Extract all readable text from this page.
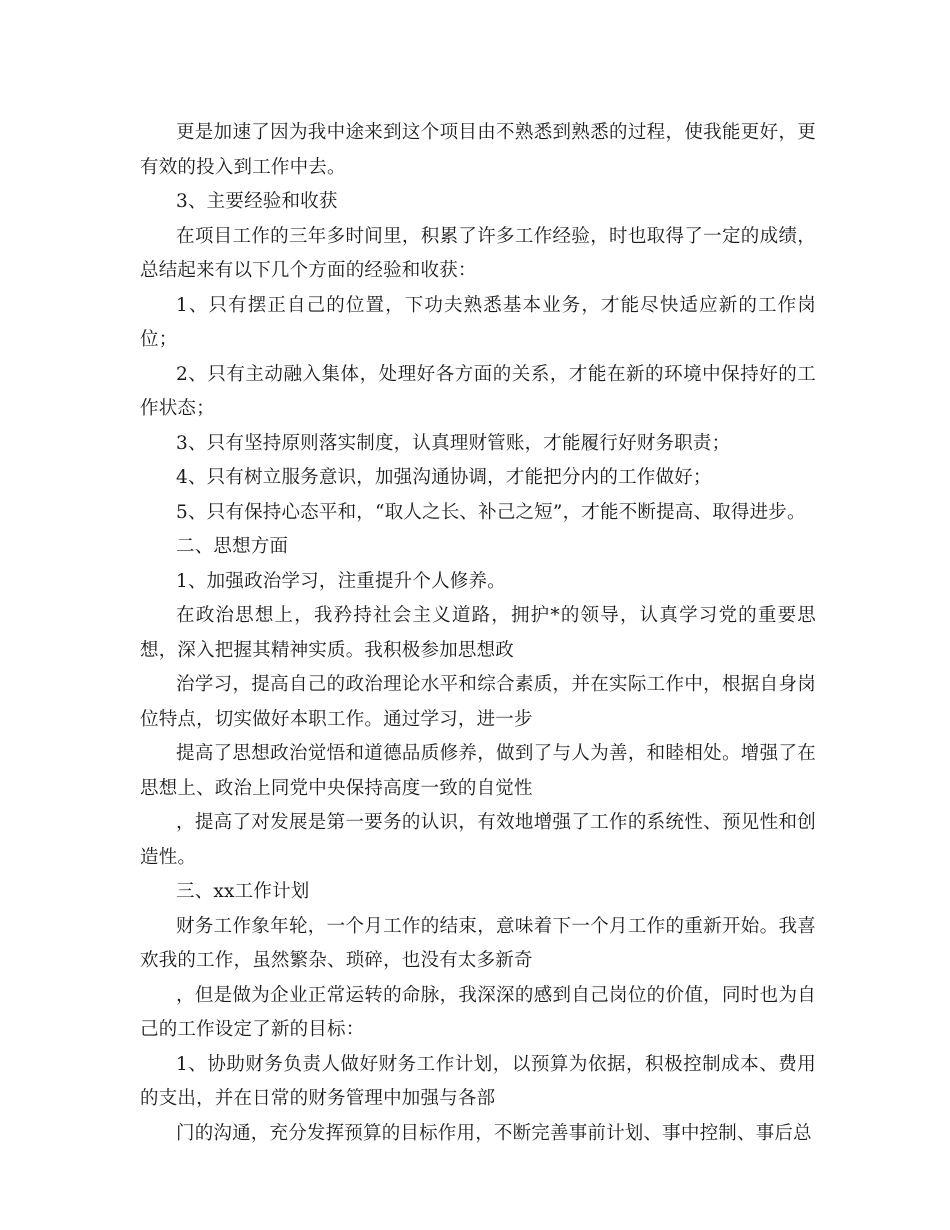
更是加速了因为我中途来到这个项目由不熟悉到熟悉的过程，使我能更好，更有效的投入到工作中去。

3、主要经验和收获

在项目工作的三年多时间里，积累了许多工作经验，时也取得了一定的成绩，总结起来有以下几个方面的经验和收获：

1、只有摆正自己的位置，下功夫熟悉基本业务，才能尽快适应新的工作岗位；

2、只有主动融入集体，处理好各方面的关系，才能在新的环境中保持好的工作状态；

3、只有坚持原则落实制度，认真理财管账，才能履行好财务职责；

4、只有树立服务意识，加强沟通协调，才能把分内的工作做好；

5、只有保持心态平和，“取人之长、补己之短”，才能不断提高、取得进步。

二、思想方面

1、加强政治学习，注重提升个人修养。

在政治思想上，我矜持社会主义道路，拥护*的领导，认真学习党的重要思想，深入把握其精神实质。我积极参加思想政

治学习，提高自己的政治理论水平和综合素质，并在实际工作中，根据自身岗位特点，切实做好本职工作。通过学习，进一步

提高了思想政治觉悟和道德品质修养，做到了与人为善，和睦相处。增强了在思想上、政治上同党中央保持高度一致的自觉性

，提高了对发展是第一要务的认识，有效地增强了工作的系统性、预见性和创造性。

三、xx工作计划

财务工作象年轮，一个月工作的结束，意味着下一个月工作的重新开始。我喜欢我的工作，虽然繁杂、琐碎，也没有太多新奇

，但是做为企业正常运转的命脉，我深深的感到自己岗位的价值，同时也为自己的工作设定了新的目标：

1、协助财务负责人做好财务工作计划，以预算为依据，积极控制成本、费用的支出，并在日常的财务管理中加强与各部

门的沟通，充分发挥预算的目标作用，不断完善事前计划、事中控制、事后总
